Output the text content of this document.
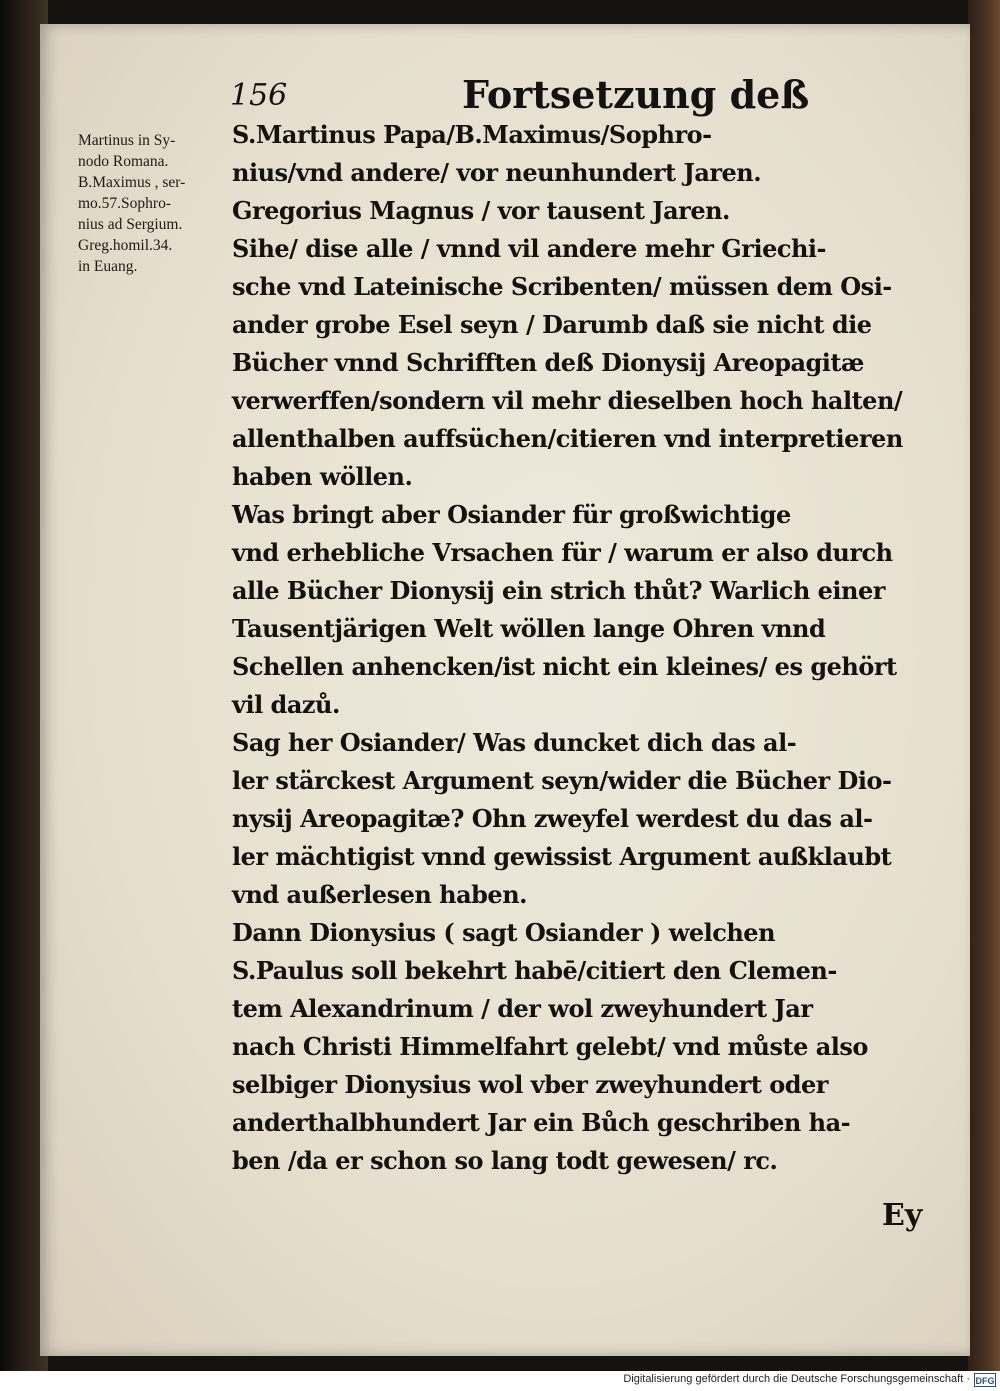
156	Fortsetzung deß
Martinus in Sy-
nodo Romana.
B.Maximus , ser-
mo.57.Sophro-
nius ad Sergium.
Greg.homil.34.
in Euang.
S.Martinus Papa/B.Maximus/Sophro-
nius/vnd andere/ vor neunhundert Jaren.
Gregorius Magnus / vor tausent Jaren.
Sihe/ dise alle / vnnd vil andere mehr Griechi-
sche vnd Lateinische Scribenten/ müssen dem Osi-
ander grobe Esel seyn / Darumb daß sie nicht die
Bücher vnnd Schrifften deß Dionysij Areopagitæ
verwerffen/sondern vil mehr dieselben hoch halten/
allenthalben auffsüchen/citieren vnd interpretieren
haben wöllen.
Was bringt aber Osiander für großwichtige
vnd erhebliche Vrsachen für / warum er also durch
alle Bücher Dionysij ein strich thůt? Warlich einer
Tausentjärigen Welt wöllen lange Ohren vnnd
Schellen anhencken/ist nicht ein kleines/ es gehört
vil dazů.
Sag her Osiander/ Was duncket dich das al-
ler stärckest Argument seyn/wider die Bücher Dio-
nysij Areopagitæ? Ohn zweyfel werdest du das al-
ler mächtigist vnnd gewissist Argument außklaubt
vnd außerlesen haben.
Dann Dionysius ( sagt Osiander ) welchen
S.Paulus soll bekehrt habē/citiert den Clemen-
tem Alexandrinum / der wol zweyhundert Jar
nach Christi Himmelfahrt gelebt/ vnd můste also
selbiger Dionysius wol vber zweyhundert oder
anderthalbhundert Jar ein Bůch geschriben ha-
ben /da er schon so lang todt gewesen/ rc.
Ey
Digitalisierung gefördert durch die Deutsche Forschungsgemeinschaft · DFG
